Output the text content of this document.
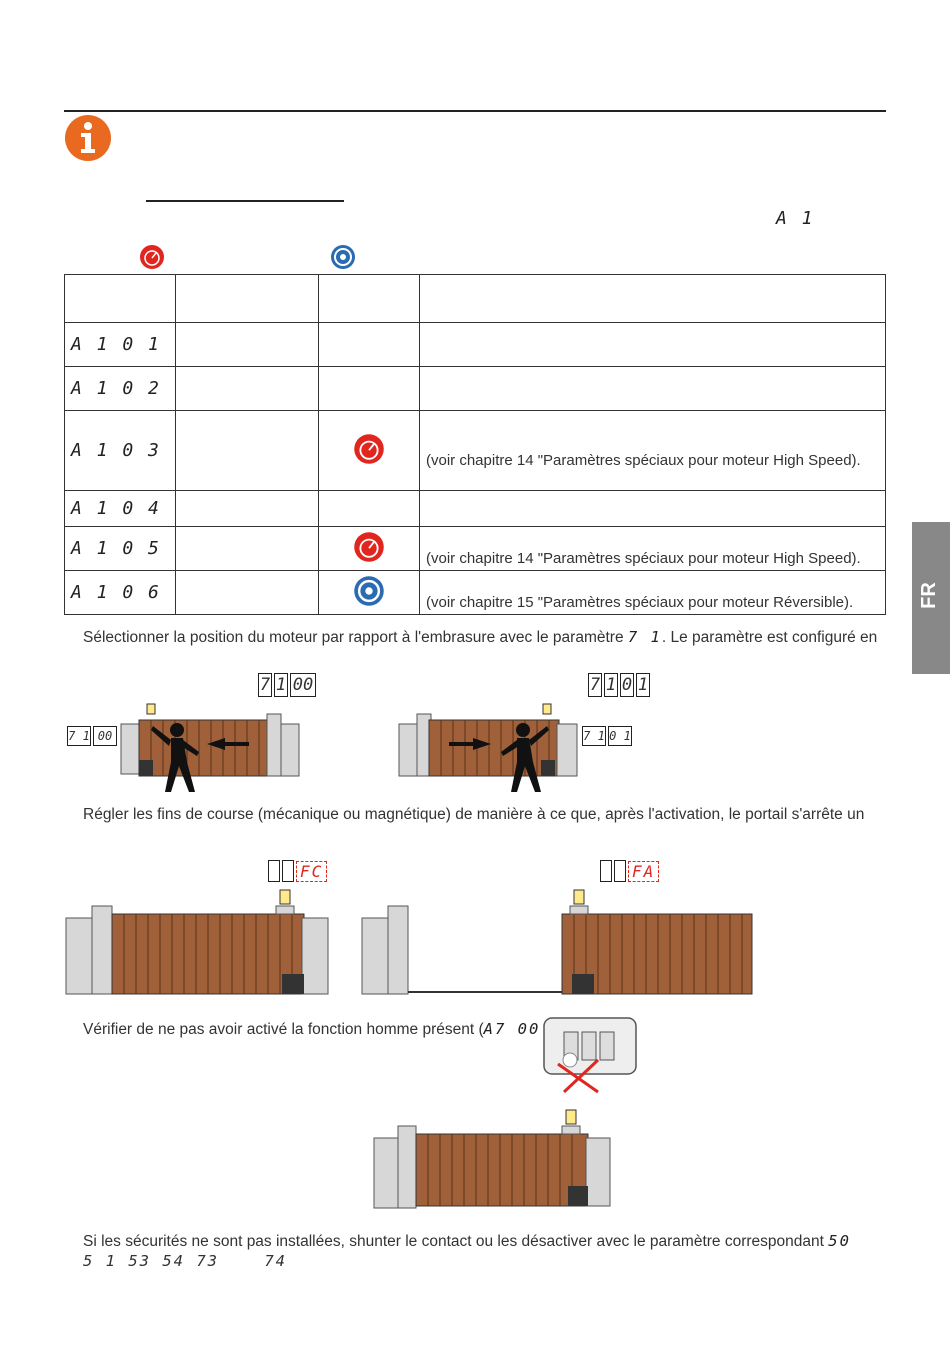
A 1

A 1 0 1			
A 1 0 2			
A 1 0 3			(voir chapitre 14 "Paramètres spéciaux pour moteur High Speed).
A 1 0 4			
A 1 0 5			(voir chapitre 14 "Paramètres spéciaux pour moteur High Speed).
A 1 0 6			(voir chapitre 15 "Paramètres spéciaux pour moteur Réversible).	FR
Sélectionner la position du moteur par rapport à l'embrasure avec le paramètre 7 1. Le paramètre est configuré en
7 1 00	7 1 0 1
7 1 00	7 1 0 1
Régler les fins de course (mécanique ou magnétique) de manière à ce que, après l'activation, le portail s'arrête un
FC	FA
Vérifier de ne pas avoir activé la fonction homme présent (A7 00
Si les sécurités ne sont pas installées, shunter le contact ou les désactiver avec le paramètre correspondant 50
5 1 53 54 73	74
